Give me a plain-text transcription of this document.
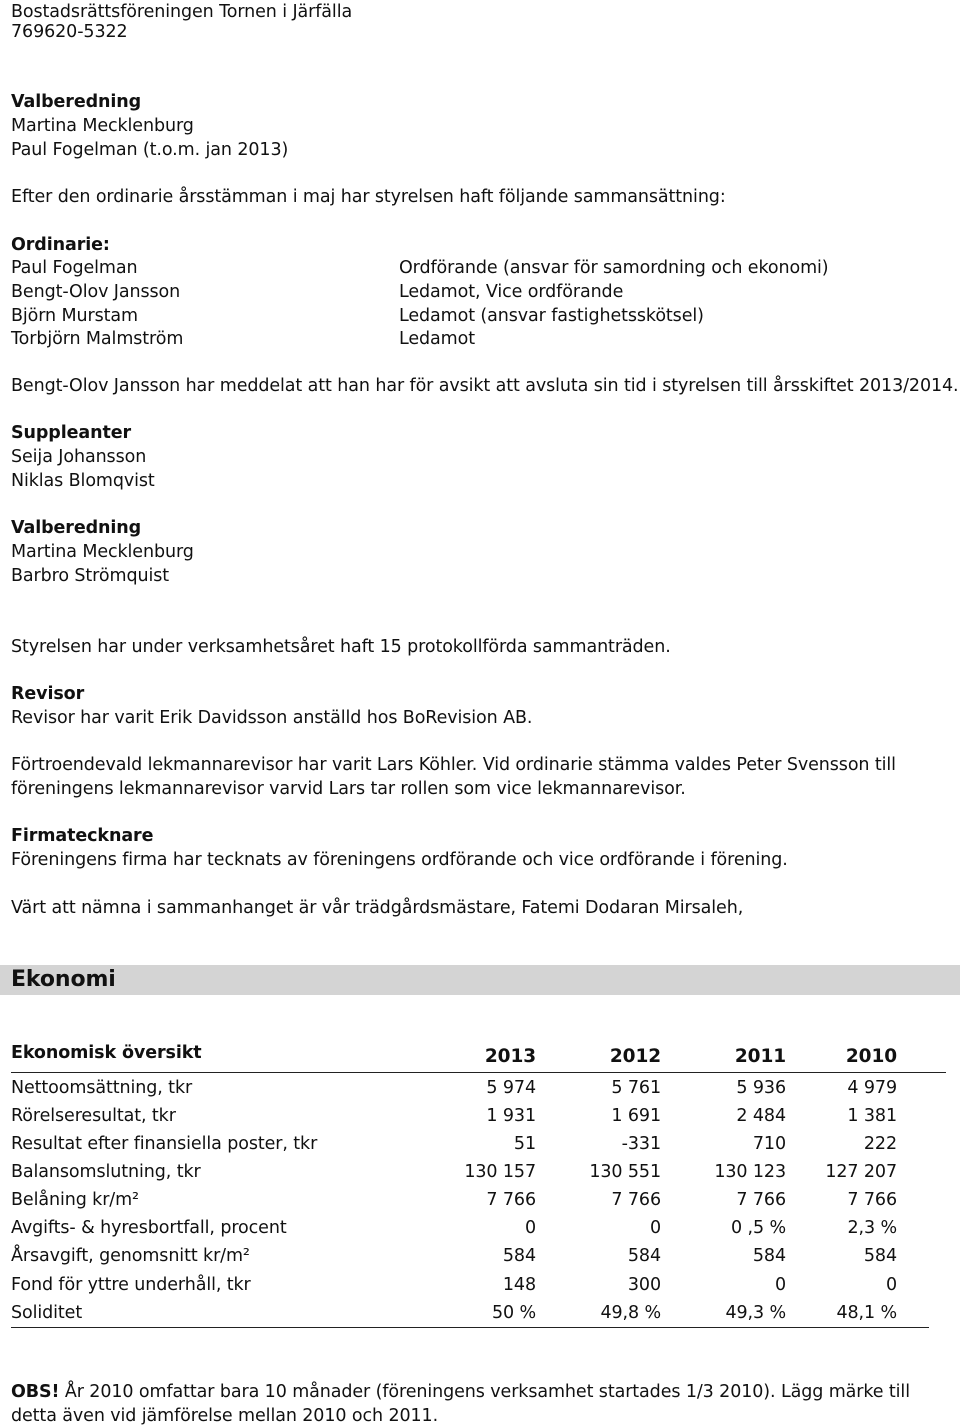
Bostadsrättsföreningen Tornen i Järfälla

769620-5322

Valberedning

Martina Mecklenburg

Paul Fogelman (t.o.m. jan 2013)

Efter den ordinarie årsstämman i maj har styrelsen haft följande sammansättning:

Ordinarie:

Paul Fogelman	Ordförande (ansvar för samordning och ekonomi)

Bengt-Olov Jansson	Ledamot, Vice ordförande

Björn Murstam	Ledamot (ansvar fastighetsskötsel)

Torbjörn Malmström	Ledamot

Bengt-Olov Jansson har meddelat att han har för avsikt att avsluta sin tid i styrelsen till årsskiftet 2013/2014.

Suppleanter

Seija Johansson

Niklas Blomqvist

Valberedning

Martina Mecklenburg

Barbro Strömquist

Styrelsen har under verksamhetsåret haft 15 protokollförda sammanträden.

Revisor

Revisor har varit Erik Davidsson anställd hos BoRevision AB.

Förtroendevald lekmannarevisor har varit Lars Köhler. Vid ordinarie stämma valdes Peter Svensson till

föreningens lekmannarevisor varvid Lars tar rollen som vice lekmannarevisor.

Firmatecknare

Föreningens firma har tecknats av föreningens ordförande och vice ordförande i förening.

Värt att nämna i sammanhanget är vår trädgårdsmästare, Fatemi Dodaran Mirsaleh,

Ekonomi

Ekonomisk översikt	2013	2012	2011	2010
Nettoomsättning, tkr	5 974	5 761	5 936	4 979
Rörelseresultat, tkr	1 931	1 691	2 484	1 381
Resultat efter finansiella poster, tkr	51	-331	710	222
Balansomslutning, tkr	130 157	130 551	130 123	127 207
Belåning kr/m²	7 766	7 766	7 766	7 766
Avgifts- & hyresbortfall, procent	0	0	0 ,5 %	2,3 %
Årsavgift, genomsnitt kr/m²	584	584	584	584
Fond för yttre underhåll, tkr	148	300	0	0
Soliditet	50 %	49,8 %	49,3 %	48,1 %

OBS! År 2010 omfattar bara 10 månader (föreningens verksamhet startades 1/3 2010). Lägg märke till

detta även vid jämförelse mellan 2010 och 2011.
